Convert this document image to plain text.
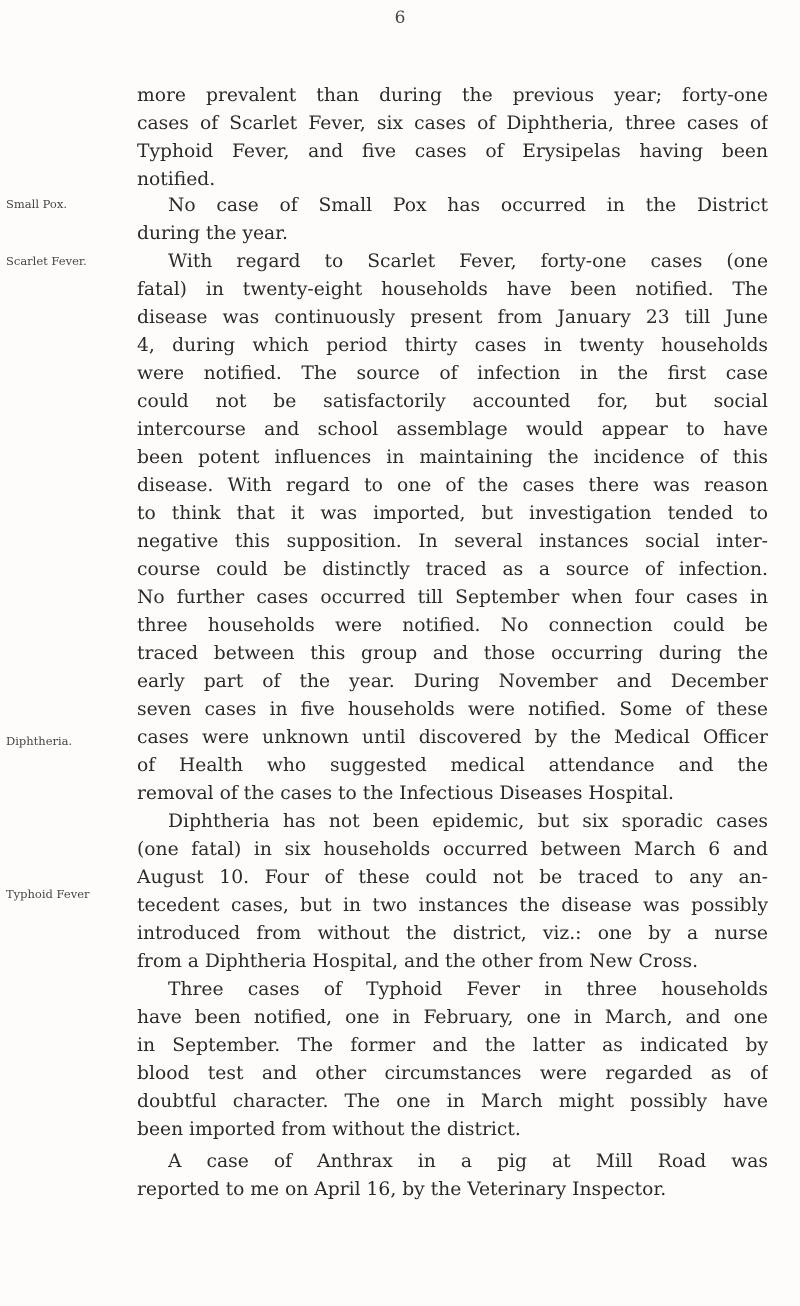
6
Small Pox.
Scarlet Fever.
Diphtheria.
Typhoid Fever
more prevalent than during the previous year; forty-one
cases of Scarlet Fever, six cases of Diphtheria, three cases of
Typhoid Fever, and five cases of Erysipelas having been
notified.
No case of Small Pox has occurred in the District
during the year.
With regard to Scarlet Fever, forty-one cases (one
fatal) in twenty-eight households have been notified. The
disease was continuously present from January 23 till June
4, during which period thirty cases in twenty households
were notified. The source of infection in the first case
could not be satisfactorily accounted for, but social
intercourse and school assemblage would appear to have
been potent influences in maintaining the incidence of this
disease. With regard to one of the cases there was reason
to think that it was imported, but investigation tended to
negative this supposition. In several instances social inter-
course could be distinctly traced as a source of infection.
No further cases occurred till September when four cases in
three households were notified. No connection could be
traced between this group and those occurring during the
early part of the year. During November and December
seven cases in five households were notified. Some of these
cases were unknown until discovered by the Medical Officer
of Health who suggested medical attendance and the
removal of the cases to the Infectious Diseases Hospital.
Diphtheria has not been epidemic, but six sporadic cases
(one fatal) in six households occurred between March 6 and
August 10. Four of these could not be traced to any an-
tecedent cases, but in two instances the disease was possibly
introduced from without the district, viz.: one by a nurse
from a Diphtheria Hospital, and the other from New Cross.
Three cases of Typhoid Fever in three households
have been notified, one in February, one in March, and one
in September. The former and the latter as indicated by
blood test and other circumstances were regarded as of
doubtful character. The one in March might possibly have
been imported from without the district.
A case of Anthrax in a pig at Mill Road was
reported to me on April 16, by the Veterinary Inspector.
